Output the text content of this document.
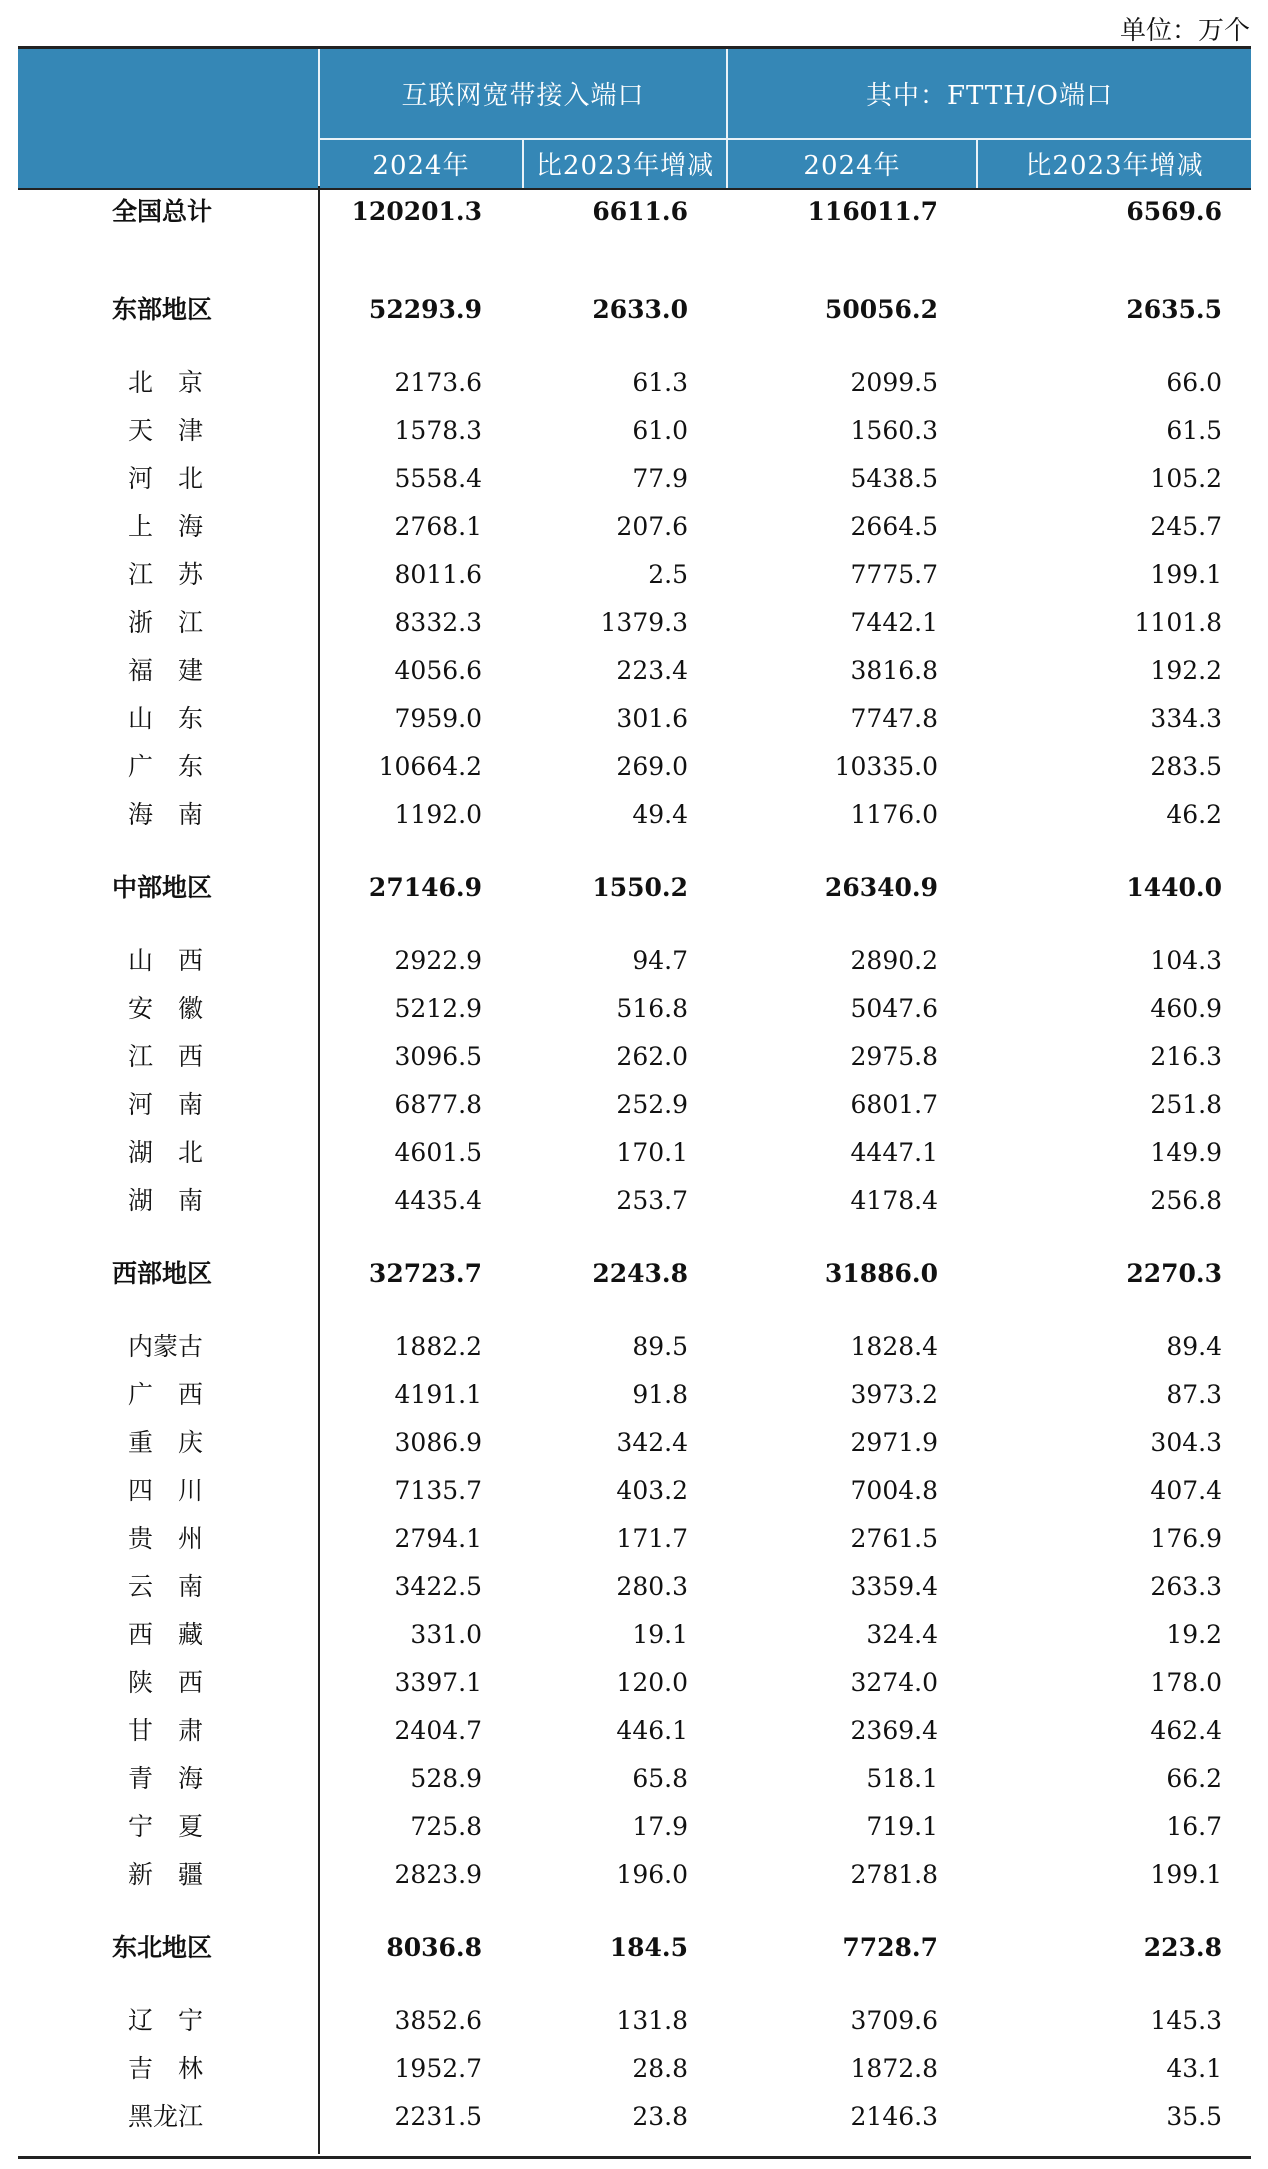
单位：万个
互联网宽带接入端口	其中：FTTH/O端口
2024年	比2023年增减	2024年	比2023年增减
全国总计	120201.3	6611.6	116011.7	6569.6
东部地区	52293.9	2633.0	50056.2	2635.5
北　京	2173.6	61.3	2099.5	66.0
天　津	1578.3	61.0	1560.3	61.5
河　北	5558.4	77.9	5438.5	105.2
上　海	2768.1	207.6	2664.5	245.7
江　苏	8011.6	2.5	7775.7	199.1
浙　江	8332.3	1379.3	7442.1	1101.8
福　建	4056.6	223.4	3816.8	192.2
山　东	7959.0	301.6	7747.8	334.3
广　东	10664.2	269.0	10335.0	283.5
海　南	1192.0	49.4	1176.0	46.2
中部地区	27146.9	1550.2	26340.9	1440.0
山　西	2922.9	94.7	2890.2	104.3
安　徽	5212.9	516.8	5047.6	460.9
江　西	3096.5	262.0	2975.8	216.3
河　南	6877.8	252.9	6801.7	251.8
湖　北	4601.5	170.1	4447.1	149.9
湖　南	4435.4	253.7	4178.4	256.8
西部地区	32723.7	2243.8	31886.0	2270.3
内蒙古	1882.2	89.5	1828.4	89.4
广　西	4191.1	91.8	3973.2	87.3
重　庆	3086.9	342.4	2971.9	304.3
四　川	7135.7	403.2	7004.8	407.4
贵　州	2794.1	171.7	2761.5	176.9
云　南	3422.5	280.3	3359.4	263.3
西　藏	331.0	19.1	324.4	19.2
陕　西	3397.1	120.0	3274.0	178.0
甘　肃	2404.7	446.1	2369.4	462.4
青　海	528.9	65.8	518.1	66.2
宁　夏	725.8	17.9	719.1	16.7
新　疆	2823.9	196.0	2781.8	199.1
东北地区	8036.8	184.5	7728.7	223.8
辽　宁	3852.6	131.8	3709.6	145.3
吉　林	1952.7	28.8	1872.8	43.1
黑龙江	2231.5	23.8	2146.3	35.5
